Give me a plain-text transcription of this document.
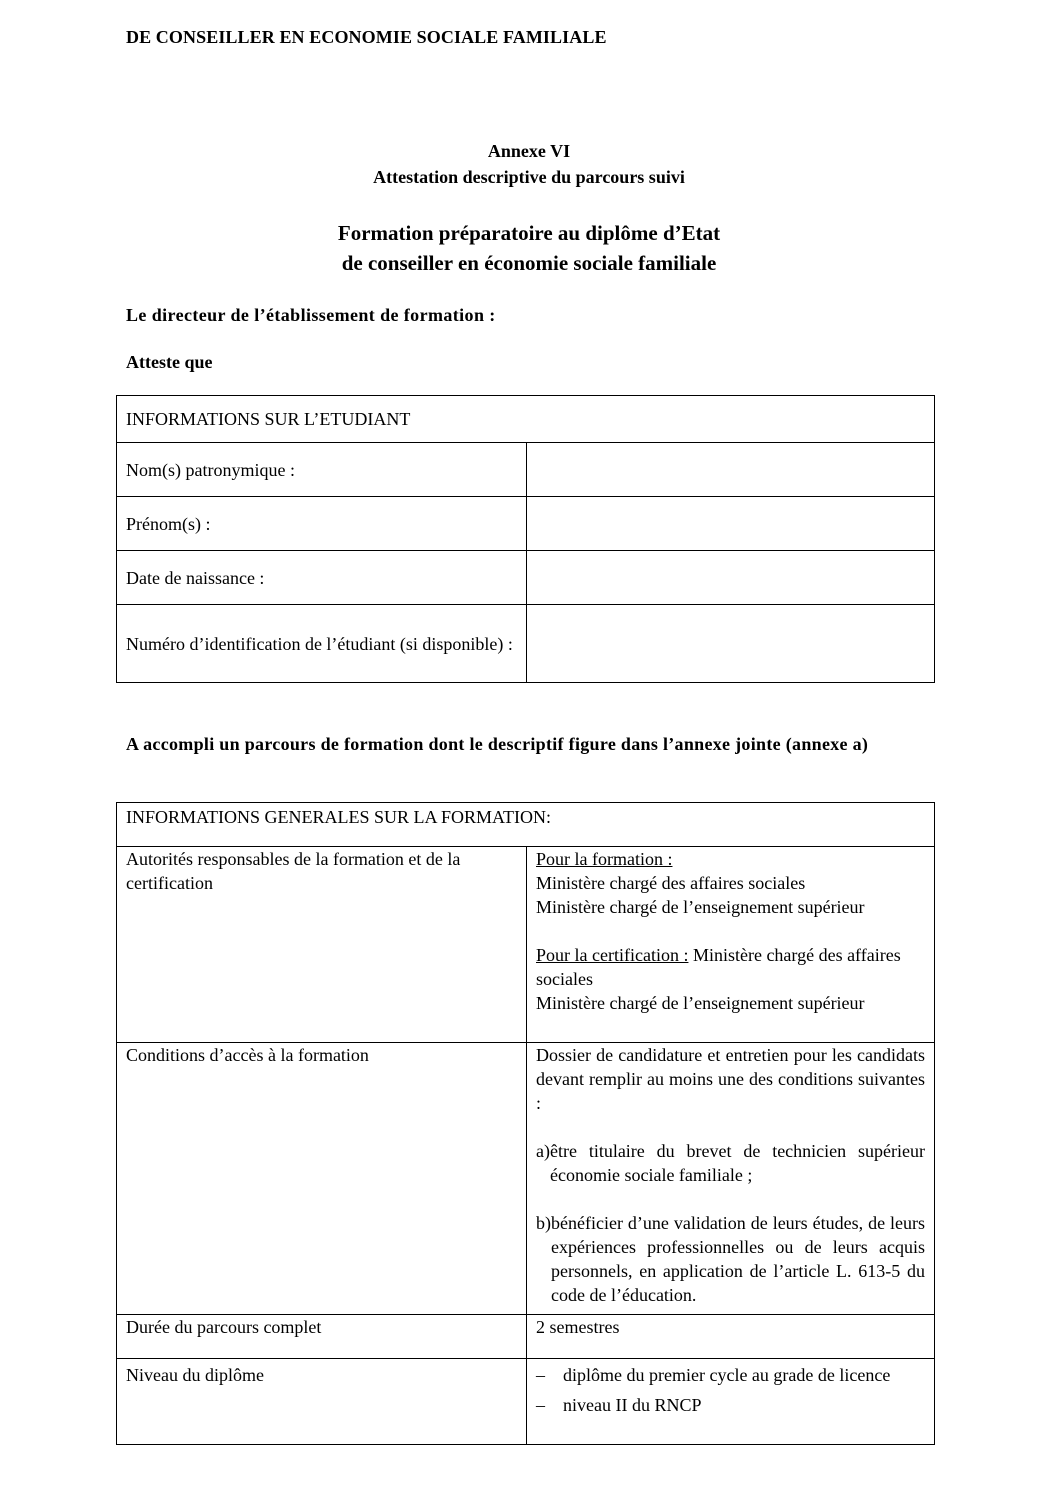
DE CONSEILLER EN ECONOMIE SOCIALE FAMILIALE
Annexe VI
Attestation descriptive du parcours suivi
Formation préparatoire au diplôme d’Etat
de conseiller en économie sociale familiale
Le directeur de l’établissement de formation :
Atteste que
INFORMATIONS SUR L’ETUDIANT	
Nom(s) patronymique :	
Prénom(s) :	
Date de naissance :	
Numéro d’identification de l’étudiant (si disponible) :	
A accompli un parcours de formation dont le descriptif figure dans l’annexe jointe (annexe a)
INFORMATIONS GENERALES SUR LA FORMATION:	
Autorités responsables de la formation et de la certification	Pour la formation :
Ministère chargé des affaires sociales
Ministère chargé de l’enseignement supérieur
Pour la certification : Ministère chargé des affaires sociales
Ministère chargé de l’enseignement supérieur

Conditions d’accès à la formation	Dossier de candidature et entretien pour les candidats devant remplir au moins une des conditions suivantes :
a) être titulaire du brevet de technicien supérieur économie sociale familiale ;
b) bénéficier d’une validation de leurs études, de leurs expériences professionnelles ou de leurs acquis personnels, en application de l’article L. 613-5 du code de l’éducation.

Durée du parcours complet	2 semestres
Niveau du diplôme	– diplôme du premier cycle au grade de licence
– niveau II du RNCP
